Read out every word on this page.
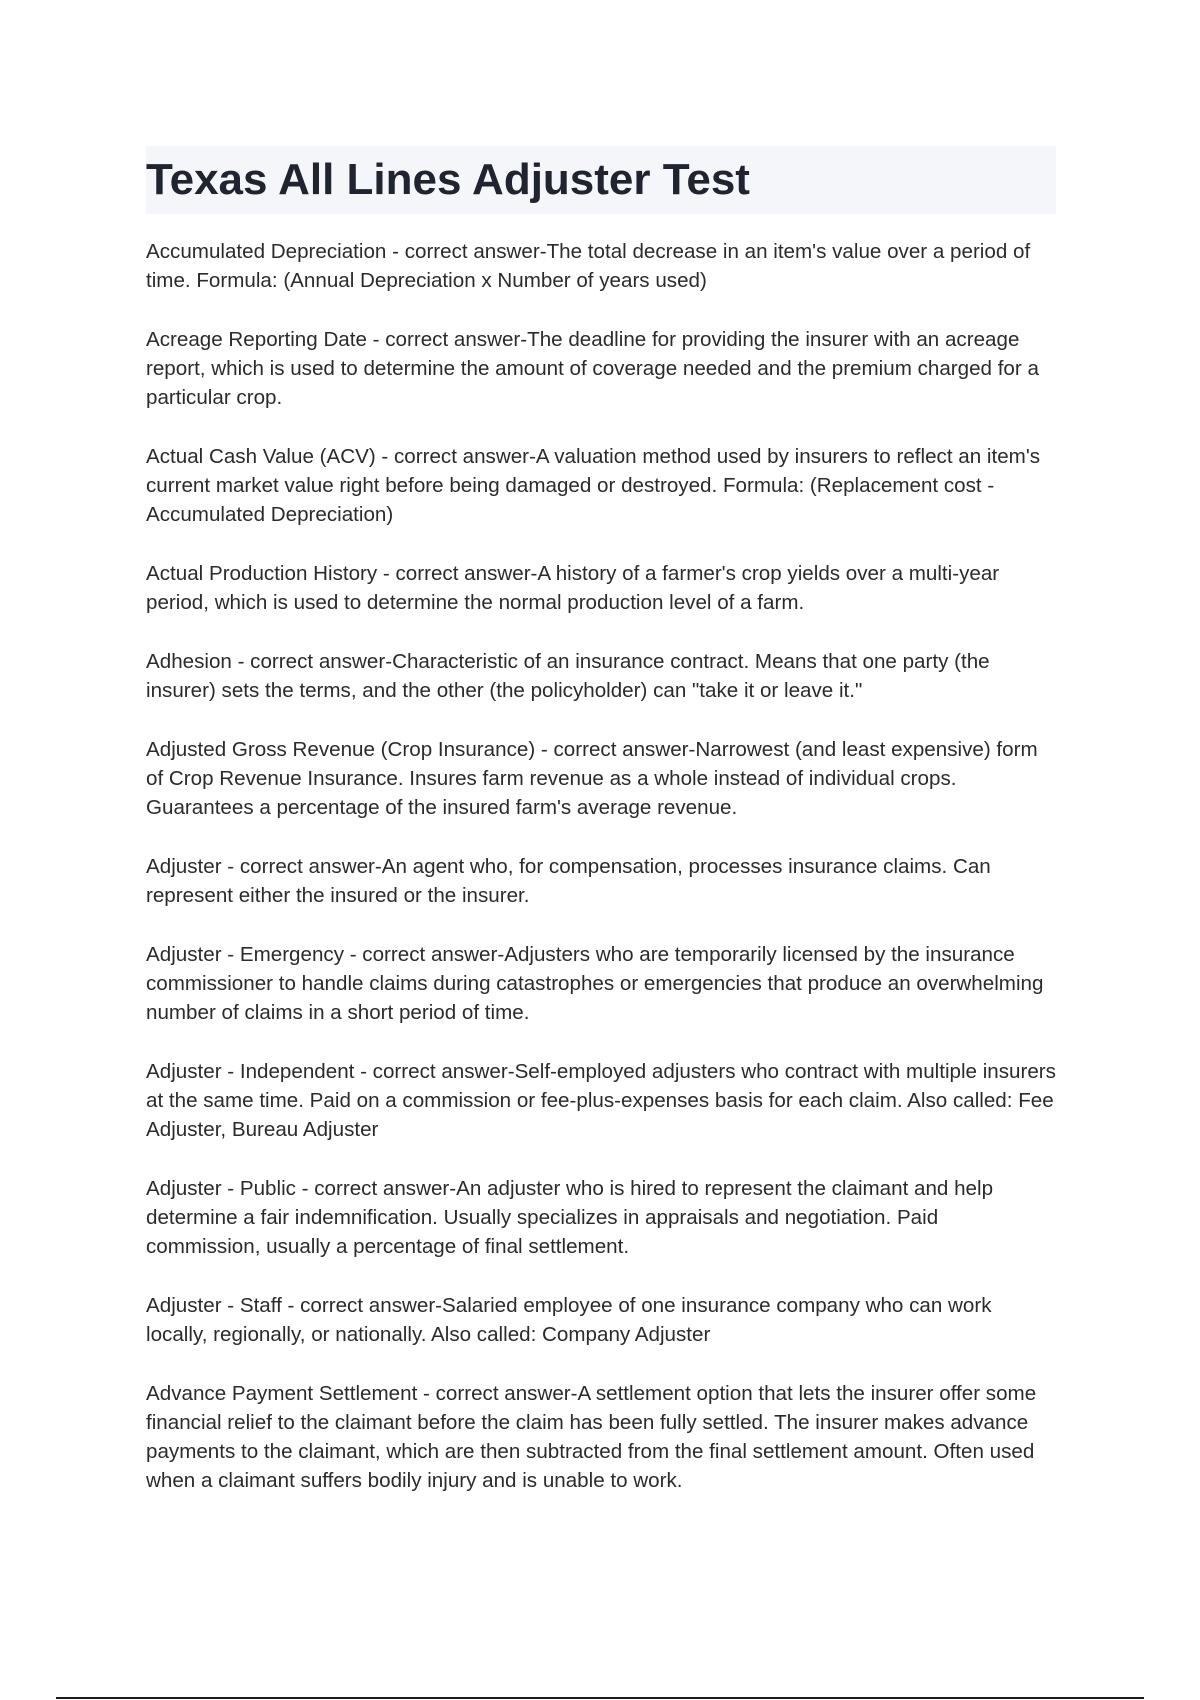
Texas All Lines Adjuster Test

Accumulated Depreciation - correct answer-The total decrease in an item's value over a period of time. Formula: (Annual Depreciation x Number of years used)

Acreage Reporting Date - correct answer-The deadline for providing the insurer with an acreage report, which is used to determine the amount of coverage needed and the premium charged for a particular crop.

Actual Cash Value (ACV) - correct answer-A valuation method used by insurers to reflect an item's current market value right before being damaged or destroyed. Formula: (Replacement cost - Accumulated Depreciation)

Actual Production History - correct answer-A history of a farmer's crop yields over a multi-year period, which is used to determine the normal production level of a farm.

Adhesion - correct answer-Characteristic of an insurance contract. Means that one party (the insurer) sets the terms, and the other (the policyholder) can "take it or leave it."

Adjusted Gross Revenue (Crop Insurance) - correct answer-Narrowest (and least expensive) form of Crop Revenue Insurance. Insures farm revenue as a whole instead of individual crops. Guarantees a percentage of the insured farm's average revenue.

Adjuster - correct answer-An agent who, for compensation, processes insurance claims. Can represent either the insured or the insurer.

Adjuster - Emergency - correct answer-Adjusters who are temporarily licensed by the insurance commissioner to handle claims during catastrophes or emergencies that produce an overwhelming number of claims in a short period of time.

Adjuster - Independent - correct answer-Self-employed adjusters who contract with multiple insurers at the same time. Paid on a commission or fee-plus-expenses basis for each claim. Also called: Fee Adjuster, Bureau Adjuster

Adjuster - Public - correct answer-An adjuster who is hired to represent the claimant and help determine a fair indemnification. Usually specializes in appraisals and negotiation. Paid commission, usually a percentage of final settlement.

Adjuster - Staff - correct answer-Salaried employee of one insurance company who can work locally, regionally, or nationally. Also called: Company Adjuster

Advance Payment Settlement - correct answer-A settlement option that lets the insurer offer some financial relief to the claimant before the claim has been fully settled. The insurer makes advance payments to the claimant, which are then subtracted from the final settlement amount. Often used when a claimant suffers bodily injury and is unable to work.
